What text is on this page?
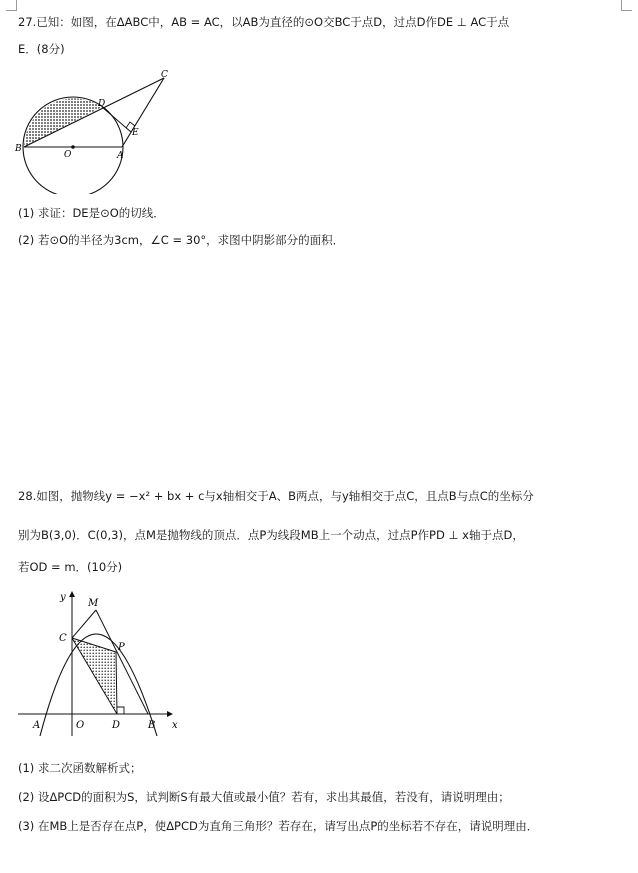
27.已知：如图，在ΔABC中，AB = AC，以AB为直径的⊙O交BC于点D，过点D作DE ⊥ AC于点
E．(8分)
B
O	A
D
E
C
(1) 求证：DE是⊙O的切线．
(2) 若⊙O的半径为3cm，∠C = 30°，求图中阴影部分的面积．
28.如图，抛物线y = −x² + bx + c与x轴相交于A、B两点，与y轴相交于点C，且点B与点C的坐标分
别为B(3,0)．C(0,3)，点M是抛物线的顶点．点P为线段MB上一个动点，过点P作PD ⊥ x轴于点D，
若OD = m．(10分)
y
M
C
P
A	O	D	B x
(1) 求二次函数解析式；
(2) 设ΔPCD的面积为S，试判断S有最大值或最小值？若有，求出其最值，若没有，请说明理由；
(3) 在MB上是否存在点P，使ΔPCD为直角三角形？若存在，请写出点P的坐标若不存在，请说明理由．
